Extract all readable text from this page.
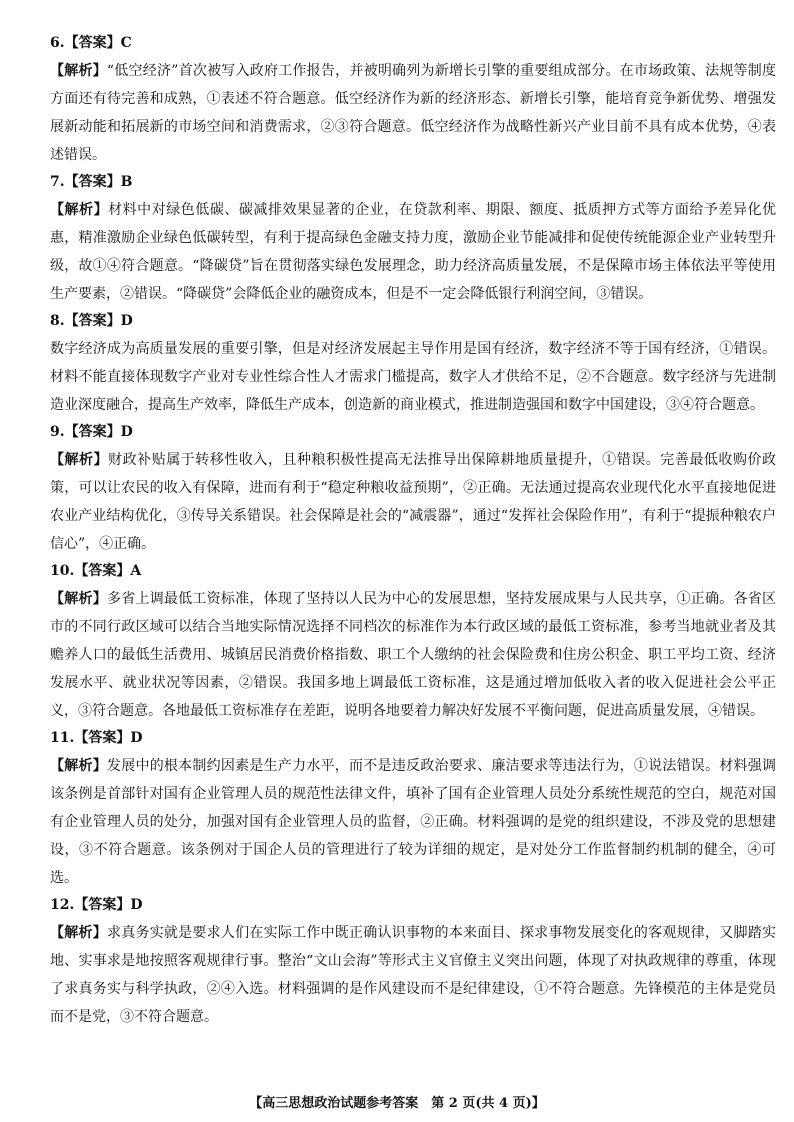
6.【答案】C

【解析】“低空经济”首次被写入政府工作报告，并被明确列为新增长引擎的重要组成部分。在市场政策、法规等制度方面还有待完善和成熟，①表述不符合题意。低空经济作为新的经济形态、新增长引擎，能培育竞争新优势、增强发展新动能和拓展新的市场空间和消费需求，②③符合题意。低空经济作为战略性新兴产业目前不具有成本优势，④表述错误。

7.【答案】B

【解析】材料中对绿色低碳、碳减排效果显著的企业，在贷款利率、期限、额度、抵质押方式等方面给予差异化优惠，精准激励企业绿色低碳转型，有利于提高绿色金融支持力度，激励企业节能减排和促使传统能源企业产业转型升级，故①④符合题意。“降碳贷”旨在贯彻落实绿色发展理念，助力经济高质量发展，不是保障市场主体依法平等使用生产要素，②错误。“降碳贷”会降低企业的融资成本，但是不一定会降低银行利润空间，③错误。

8.【答案】D

数字经济成为高质量发展的重要引擎，但是对经济发展起主导作用是国有经济，数字经济不等于国有经济，①错误。材料不能直接体现数字产业对专业性综合性人才需求门槛提高，数字人才供给不足，②不合题意。数字经济与先进制造业深度融合，提高生产效率，降低生产成本，创造新的商业模式，推进制造强国和数字中国建设，③④符合题意。

9.【答案】D

【解析】财政补贴属于转移性收入，且种粮积极性提高无法推导出保障耕地质量提升，①错误。完善最低收购价政策，可以让农民的收入有保障，进而有利于“稳定种粮收益预期”，②正确。无法通过提高农业现代化水平直接地促进农业产业结构优化，③传导关系错误。社会保障是社会的“减震器”，通过“发挥社会保险作用”，有利于“提振种粮农户信心”，④正确。

10.【答案】A

【解析】多省上调最低工资标准，体现了坚持以人民为中心的发展思想，坚持发展成果与人民共享，①正确。各省区市的不同行政区域可以结合当地实际情况选择不同档次的标准作为本行政区域的最低工资标准，参考当地就业者及其赡养人口的最低生活费用、城镇居民消费价格指数、职工个人缴纳的社会保险费和住房公积金、职工平均工资、经济发展水平、就业状况等因素，②错误。我国多地上调最低工资标准，这是通过增加低收入者的收入促进社会公平正义，③符合题意。各地最低工资标准存在差距，说明各地要着力解决好发展不平衡问题，促进高质量发展，④错误。

11.【答案】D

【解析】发展中的根本制约因素是生产力水平，而不是违反政治要求、廉洁要求等违法行为，①说法错误。材料强调该条例是首部针对国有企业管理人员的规范性法律文件，填补了国有企业管理人员处分系统性规范的空白，规范对国有企业管理人员的处分，加强对国有企业管理人员的监督，②正确。材料强调的是党的组织建设，不涉及党的思想建设，③不符合题意。该条例对于国企人员的管理进行了较为详细的规定，是对处分工作监督制约机制的健全，④可选。

12.【答案】D

【解析】求真务实就是要求人们在实际工作中既正确认识事物的本来面目、探求事物发展变化的客观规律，又脚踏实地、实事求是地按照客观规律行事。整治“文山会海”等形式主义官僚主义突出问题，体现了对执政规律的尊重，体现了求真务实与科学执政，②④入选。材料强调的是作风建设而不是纪律建设，①不符合题意。先锋模范的主体是党员而不是党，③不符合题意。

【高三思想政治试题参考答案　第 2 页(共 4 页)】
